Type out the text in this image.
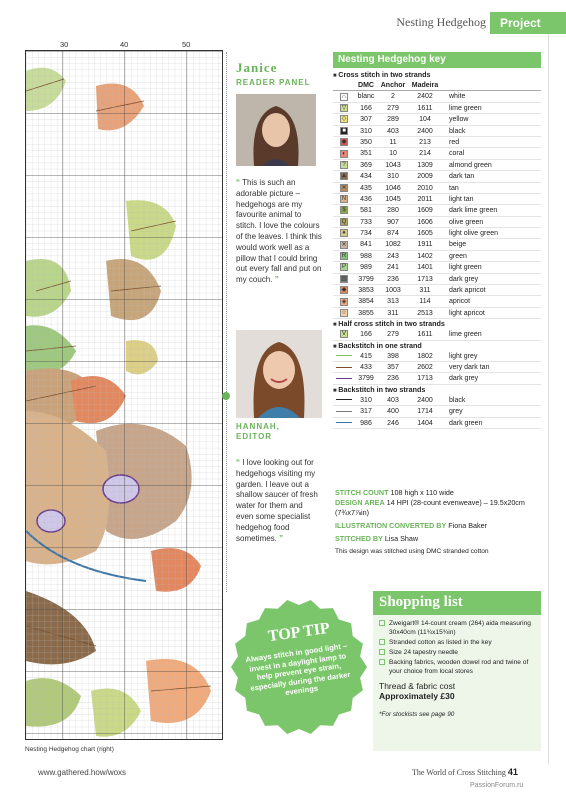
Nesting Hedgehog	Project
30	40	50
Nesting Hedgehog chart (right)
Janice
READER PANEL
“ This is such an adorable picture – hedgehogs are my favourite animal to stitch. I love the colours of the leaves. I think this would work well as a pillow that I could bring out every fall and put on my couch. ”
HANNAH,
EDITOR
“ I love looking out for hedgehogs visiting my garden. I leave out a shallow saucer of fresh water for them and even some specialist hedgehog food sometimes. ”
Nesting Hedgehog key
■ Cross stitch in two strands
DMC Anchor Madeira
∩	blanc	2	2402	white
▽	166	279	1611	lime green
◇	307	289	104	yellow
■	310	403	2400	black
◆	350	11	213	red
◐	351	10	214	coral
?	369	1043	1309	almond green
▲	434	310	2009	dark tan
✕	435	1046	2010	tan
N	436	1045	2011	light tan
$	581	280	1609	dark lime green
Q	733	907	1606	olive green
♦	734	874	1605	light olive green
✕	841	1082	1911	beige
R	988	243	1402	green
P	989	241	1401	light green
▥	3799	236	1713	dark grey
◆	3853	1003	311	dark apricot
◈	3854	313	114	apricot
☆	3855	311	2513	light apricot
■ Half cross stitch in two strands
V	166	279	1611	lime green
■ Backstitch in one strand
415	398	1802	light grey
433	357	2602	very dark tan
3799	236	1713	dark grey
■ Backstitch in two strands
310	403	2400	black
317	400	1714	grey
986	246	1404	dark green
STITCH COUNT 108 high x 110 wide
DESIGN AREA 14 HPI (28-count evenweave) – 19.5x20cm (7¾x7⅞in)
ILLUSTRATION CONVERTED BY Fiona Baker
STITCHED BY Lisa Shaw
This design was stitched using DMC stranded cotton
TOP TIP
Always stitch in good light – invest in a daylight lamp to help prevent eye strain, especially during the darker evenings
Shopping list
Zweigart® 14-count cream (264) aida measuring 30x40cm (11¾x15¾in)
Stranded cotton as listed in the key
Size 24 tapestry needle
Backing fabrics, wooden dowel rod and twine of your choice from local stores
Thread & fabric cost
Approximately £30
*For stockists see page 90
www.gathered.how/woxs	The World of Cross Stitching 41
PassionForum.ru
